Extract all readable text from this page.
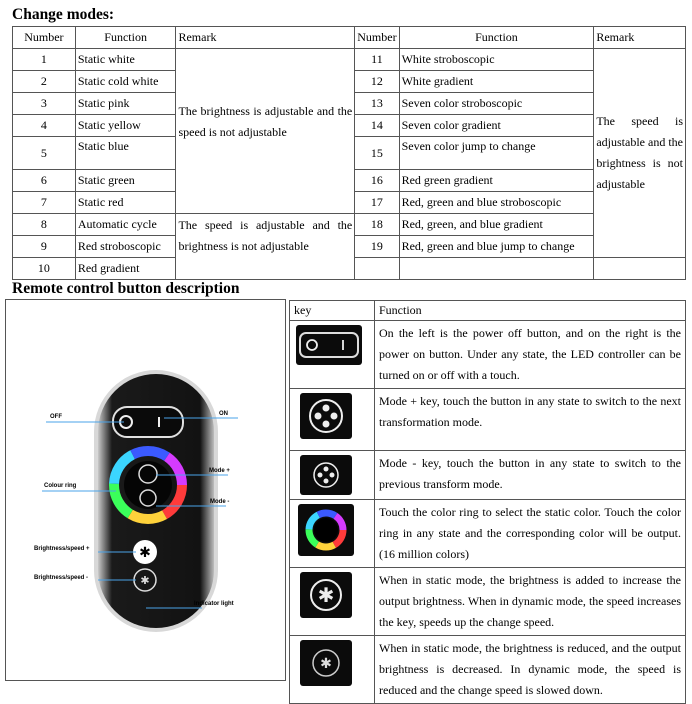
Change modes:
Number	Function	Remark	Number	Function	Remark
1	Static white	The brightness is adjustable and the speed is not adjustable	11	White stroboscopic	The speed is adjustable and the brightness is not adjustable
2	Static cold white		12	White gradient	
3	Static pink		13	Seven color stroboscopic	
4	Static yellow		14	Seven color gradient	
5	Static blue		15	Seven color jump to change	
6	Static green		16	Red green gradient	
7	Static red		17	Red, green and blue stroboscopic	
8	Automatic cycle	The speed is adjustable and the brightness is not adjustable	18	Red, green, and blue gradient	
9	Red stroboscopic		19	Red, green and blue jump to change	
10	Red gradient				
Remote control button description
✱
✱
OFF	ON
Colour ring
Mode +
Mode -
Brightness/speed +
Brightness/speed -
Indicator light
key	Function

	On the left is the power off button, and on the right is the power on button. Under any state, the LED controller can be turned on or off with a touch.

	Mode + key, touch the button in any state to switch to the next transformation mode.

	Mode - key, touch the button in any state to switch to the previous transform mode.

	Touch the color ring to select the static color. Touch the color ring in any state and the corresponding color will be output. (16 million colors)

✱	When in static mode, the brightness is added to increase the output brightness. When in dynamic mode, the speed increases the key, speeds up the change speed.

✱	When in static mode, the brightness is reduced, and the output brightness is decreased. In dynamic mode, the speed is reduced and the change speed is slowed down.
